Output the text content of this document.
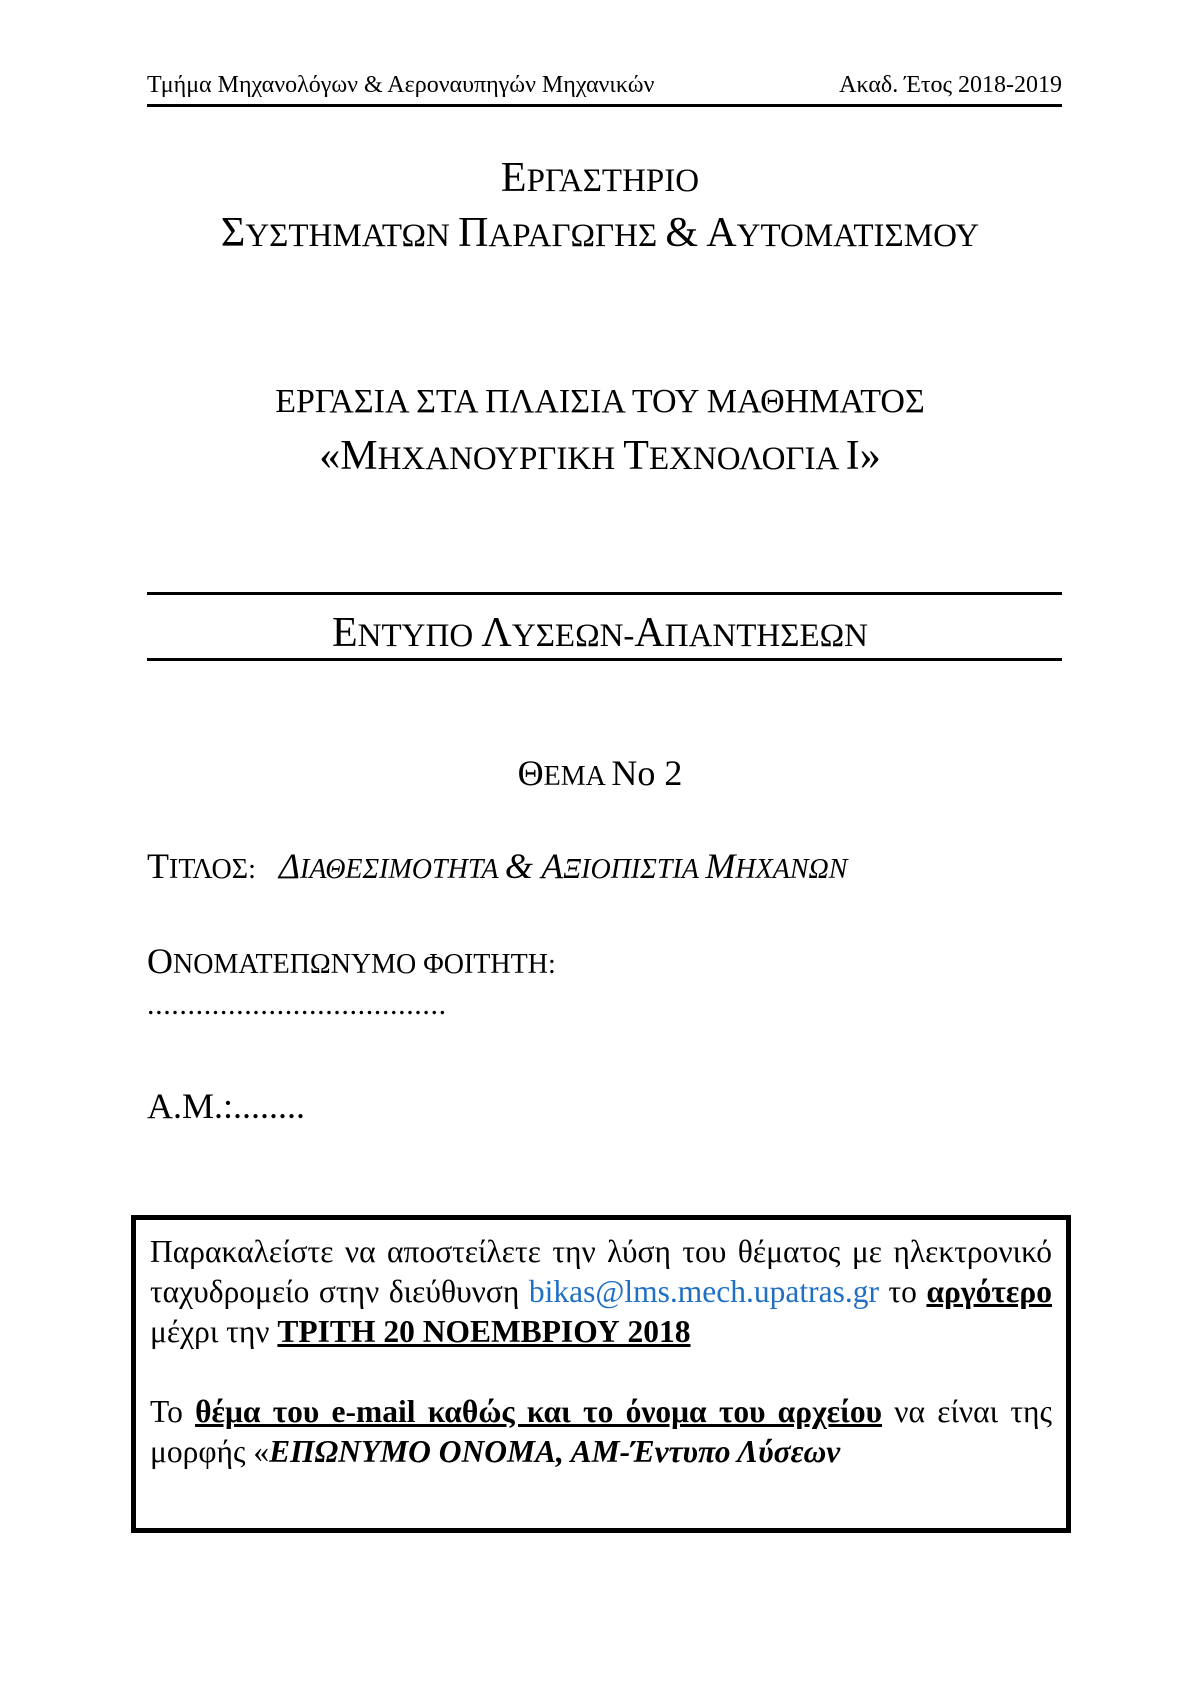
Τμήμα Μηχανολόγων & Αεροναυπηγών Μηχανικών	Ακαδ. Έτος 2018-2019
ΕΡΓΑΣΤΗΡΙΟ
ΣΥΣΤΗΜΑΤΩΝ ΠΑΡΑΓΩΓΗΣ & ΑΥΤΟΜΑΤΙΣΜΟΥ
ΕΡΓΑΣΙΑ ΣΤΑ ΠΛΑΙΣΙΑ ΤΟΥ ΜΑΘΗΜΑΤΟΣ
«ΜΗΧΑΝΟΥΡΓΙΚΗ ΤΕΧΝΟΛΟΓΙΑ Ι»
ΕΝΤΥΠΟ ΛΥΣΕΩΝ-ΑΠΑΝΤΗΣΕΩΝ
ΘΕΜΑ Νο 2
ΤΙΤΛΟΣ: ΔΙΑΘΕΣΙΜΟΤΗΤΑ & ΑΞΙΟΠΙΣΤΙΑ ΜΗΧΑΝΩΝ
ΟΝΟΜΑΤΕΠΩΝΥΜΟ ΦΟΙΤΗΤΗ:
.....................................
Α.Μ.:........

Παρακαλείστε να αποστείλετε την λύση του θέματος με ηλεκτρονικό ταχυδρομείο στην διεύθυνση bikas@lms.mech.upatras.gr το αργότερο μέχρι την ΤΡΙΤΗ 20 ΝΟΕΜΒΡΙΟΥ 2018

Το θέμα του e-mail καθώς και το όνομα του αρχείου να είναι της μορφής «ΕΠΩΝΥΜΟ ΟΝΟΜΑ, ΑΜ-Έντυπο Λύσεων
